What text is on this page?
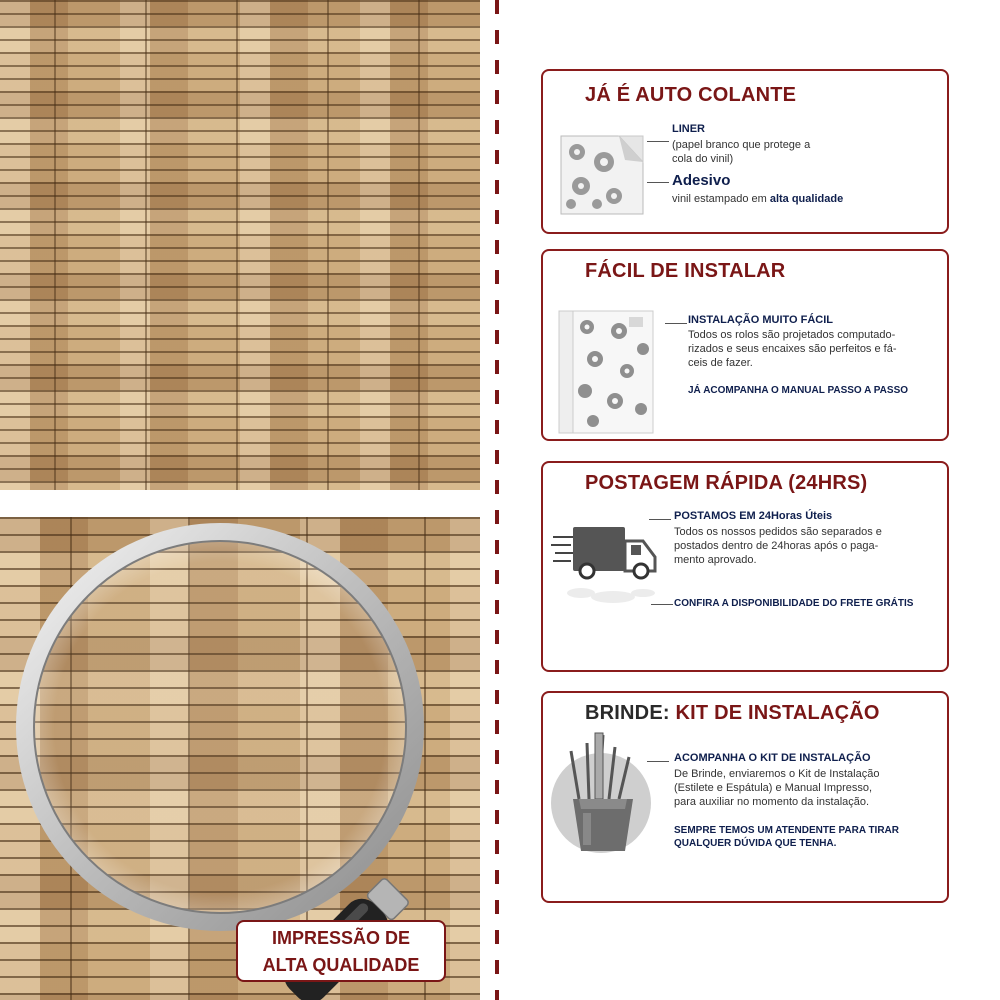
IMPRESSÃO DE
ALTA QUALIDADE
JÁ É AUTO COLANTE
LINER
(papel branco que protege a
cola do vinil)
Adesivo
vinil estampado em alta qualidade
FÁCIL DE INSTALAR
INSTALAÇÃO MUITO FÁCIL
Todos os rolos são projetados computado-
rizados e seus encaixes são perfeitos e fá-
ceis de fazer.
JÁ ACOMPANHA O MANUAL PASSO A PASSO
POSTAGEM RÁPIDA (24HRS)
POSTAMOS EM 24Horas Úteis
Todos os nossos pedidos são separados e
postados dentro de 24horas após o paga-
mento aprovado.
CONFIRA A DISPONIBILIDADE DO FRETE GRÁTIS
BRINDE: KIT DE INSTALAÇÃO
ACOMPANHA O KIT DE INSTALAÇÃO
De Brinde, enviaremos o Kit de Instalação
(Estilete e Espátula) e Manual Impresso,
para auxiliar no momento da instalação.
SEMPRE TEMOS UM ATENDENTE PARA TIRAR
QUALQUER DÚVIDA QUE TENHA.
